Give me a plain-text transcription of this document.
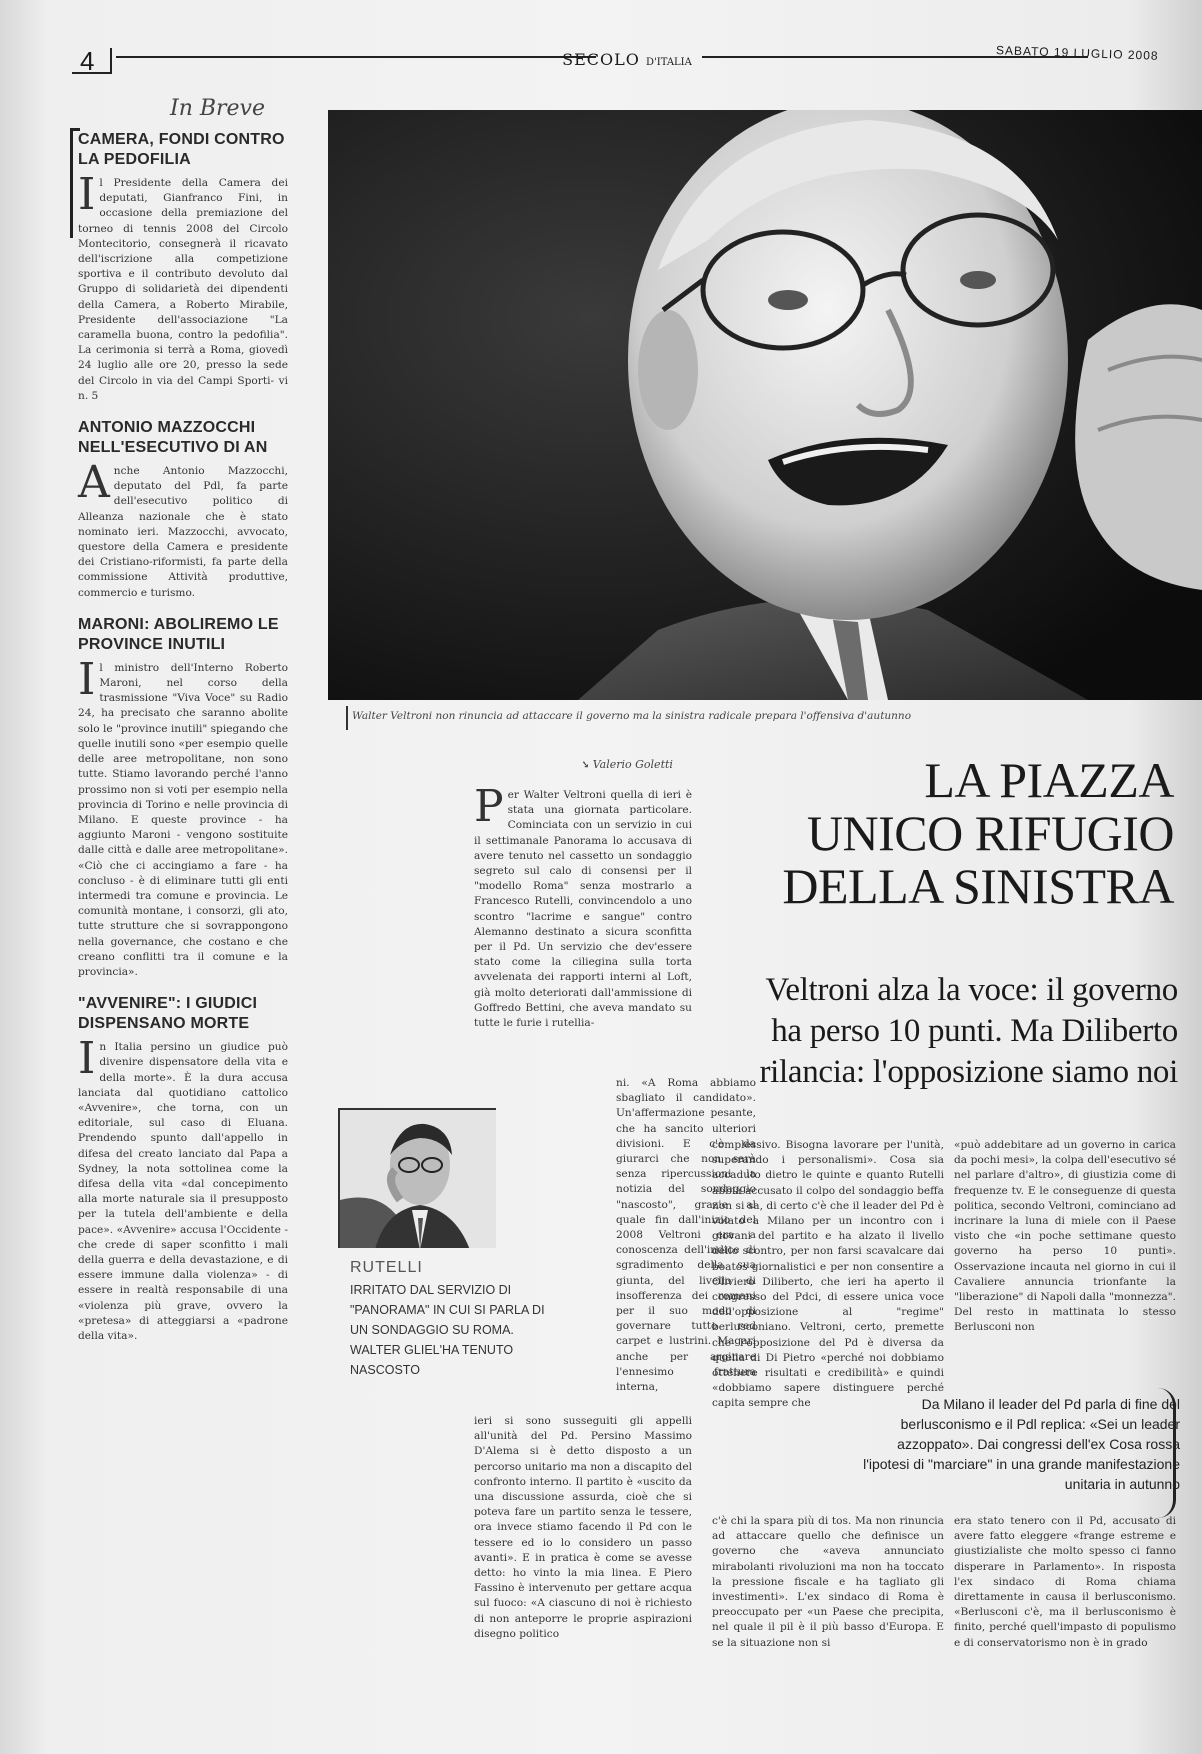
4	SECOLO D'ITALIA	SABATO 19 LUGLIO 2008
In Breve
CAMERA, FONDI CONTRO LA PEDOFILIA

Il Presidente della Camera dei deputati, Gianfranco Fini, in occasione della premiazione del torneo di tennis 2008 del Circolo Montecitorio, consegnerà il ricavato dell'iscrizione alla competizione sportiva e il contributo devoluto dal Gruppo di solidarietà dei dipendenti della Camera, a Roberto Mirabile, Presidente dell'associazione "La caramella buona, contro la pedofilia". La cerimonia si terrà a Roma, giovedì 24 luglio alle ore 20, presso la sede del Circolo in via del Campi Sporti- vi n. 5

ANTONIO MAZZOCCHI NELL'ESECUTIVO DI AN

Anche Antonio Mazzocchi, deputato del Pdl, fa parte dell'esecutivo politico di Alleanza nazionale che è stato nominato ieri. Mazzocchi, avvocato, questore della Camera e presidente dei Cristiano-riformisti, fa parte della commissione Attività produttive, commercio e turismo.

MARONI: ABOLIREMO LE PROVINCE INUTILI

Il ministro dell'Interno Roberto Maroni, nel corso della trasmissione "Viva Voce" su Radio 24, ha precisato che saranno abolite solo le "province inutili" spiegando che quelle inutili sono «per esempio quelle delle aree metropolitane, non sono tutte. Stiamo lavorando perché l'anno prossimo non si voti per esempio nella provincia di Torino e nelle provincia di Milano. E queste province - ha aggiunto Maroni - vengono sostituite dalle città e dalle aree metropolitane». «Ciò che ci accingiamo a fare - ha concluso - è di eliminare tutti gli enti intermedi tra comune e provincia. Le comunità montane, i consorzi, gli ato, tutte strutture che si sovrappongono nella governance, che costano e che creano conflitti tra il comune e la provincia».

"AVVENIRE": I GIUDICI DISPENSANO MORTE

In Italia persino un giudice può divenire dispensatore della vita e della morte». È la dura accusa lanciata dal quotidiano cattolico «Avvenire», che torna, con un editoriale, sul caso di Eluana. Prendendo spunto dall'appello in difesa del creato lanciato dal Papa a Sydney, la nota sottolinea come la difesa della vita «dal concepimento alla morte naturale sia il presupposto per la tutela dell'ambiente e della pace». «Avvenire» accusa l'Occidente - che crede di saper sconfitto i mali della guerra e della devastazione, e di essere immune dalla violenza» - di essere in realtà responsabile di una «violenza più grave, ovvero la «pretesa» di atteggiarsi a «padrone della vita».

Walter Veltroni non rinuncia ad attaccare il governo ma la sinistra radicale prepara l'offensiva d'autunno
➘ Valerio Goletti	LA PIAZZA
UNICO RIFUGIO
DELLA SINISTRA
Veltroni alza la voce: il governo
ha perso 10 punti. Ma Diliberto
rilancia: l'opposizione siamo noi
Per Walter Veltroni quella di ieri è stata una giornata particolare. Cominciata con un servizio in cui il settimanale Panorama lo accusava di avere tenuto nel cassetto un sondaggio segreto sul calo di consensi per il "modello Roma" senza mostrarlo a Francesco Rutelli, convincendolo a uno scontro "lacrime e sangue" contro Alemanno destinato a sicura sconfitta per il Pd. Un servizio che dev'essere stato come la ciliegina sulla torta avvelenata dei rapporti interni al Loft, già molto deteriorati dall'ammissione di Goffredo Bettini, che aveva mandato su tutte le furie i rutellia-
ni. «A Roma abbiamo sbagliato il candidato». Un'affermazione pesante, che ha sancito ulteriori divisioni. E c'è da giurarci che non sarà senza ripercussioni la notizia del sondaggio "nascosto", grazie al quale fin dall'inizio del 2008 Veltroni era a conoscenza dell'indice di sgradimento della sua giunta, del livello di insofferenza dei romani per il suo modo di governare tutto red carpet e lustrini. Magari anche per arginare l'ennesimo frattura interna,
ieri si sono susseguiti gli appelli all'unità del Pd. Persino Massimo D'Alema si è detto disposto a un percorso unitario ma non a discapito del confronto interno. Il partito è «uscito da una discussione assurda, cioè che si poteva fare un partito senza le tessere, ora invece stiamo facendo il Pd con le tessere ed io lo considero un passo avanti». E in pratica è come se avesse detto: ho vinto la mia linea. E Piero Fassino è intervenuto per gettare acqua sul fuoco: «A ciascuno di noi è richiesto di non anteporre le proprie aspirazioni disegno politico
complessivo. Bisogna lavorare per l'unità, superando i personalismi». Cosa sia accaduto dietro le quinte e quanto Rutelli abbia accusato il colpo del sondaggio beffa non si sa, di certo c'è che il leader del Pd è volato a Milano per un incontro con i giovani del partito e ha alzato il livello dello scontro, per non farsi scavalcare dai boatos giornalistici e per non consentire a Oliviero Diliberto, che ieri ha aperto il congresso del Pdci, di essere unica voce dell'opposizione al "regime" berlusconiano. Veltroni, certo, premette che l'opposizione del Pd è diversa da quella di Di Pietro «perché noi dobbiamo ottenere risultati e credibilità» e quindi «dobbiamo sapere distinguere perché capita sempre che
«può addebitare ad un governo in carica da pochi mesi», la colpa dell'esecutivo sé nel parlare d'altro», di giustizia come di frequenze tv. E le conseguenze di questa politica, secondo Veltroni, cominciano ad incrinare la luna di miele con il Paese visto che «in poche settimane questo governo ha perso 10 punti». Osservazione incauta nel giorno in cui il Cavaliere annuncia trionfante la "liberazione" di Napoli dalla "monnezza". Del resto in mattinata lo stesso Berlusconi non
c'è chi la spara più di tos. Ma non rinuncia ad attaccare quello che definisce un governo che «aveva annunciato mirabolanti rivoluzioni ma non ha toccato la pressione fiscale e ha tagliato gli investimenti». L'ex sindaco di Roma è preoccupato per «un Paese che precipita, nel quale il pil è il più basso d'Europa. E se la situazione non si
era stato tenero con il Pd, accusato di avere fatto eleggere «frange estreme e giustizialiste che molto spesso ci fanno disperare in Parlamento». In risposta l'ex sindaco di Roma chiama direttamente in causa il berlusconismo. «Berlusconi c'è, ma il berlusconismo è finito, perché quell'impasto di populismo e di conservatorismo non è in grado
RUTELLI
IRRITATO DAL SERVIZIO DI "PANORAMA" IN CUI SI PARLA DI UN SONDAGGIO SU ROMA. WALTER GLIEL'HA TENUTO NASCOSTO
Da Milano il leader del Pd parla di fine del berlusconismo e il Pdl replica: «Sei un leader azzoppato». Dai congressi dell'ex Cosa rossa l'ipotesi di "marciare" in una grande manifestazione unitaria in autunno
